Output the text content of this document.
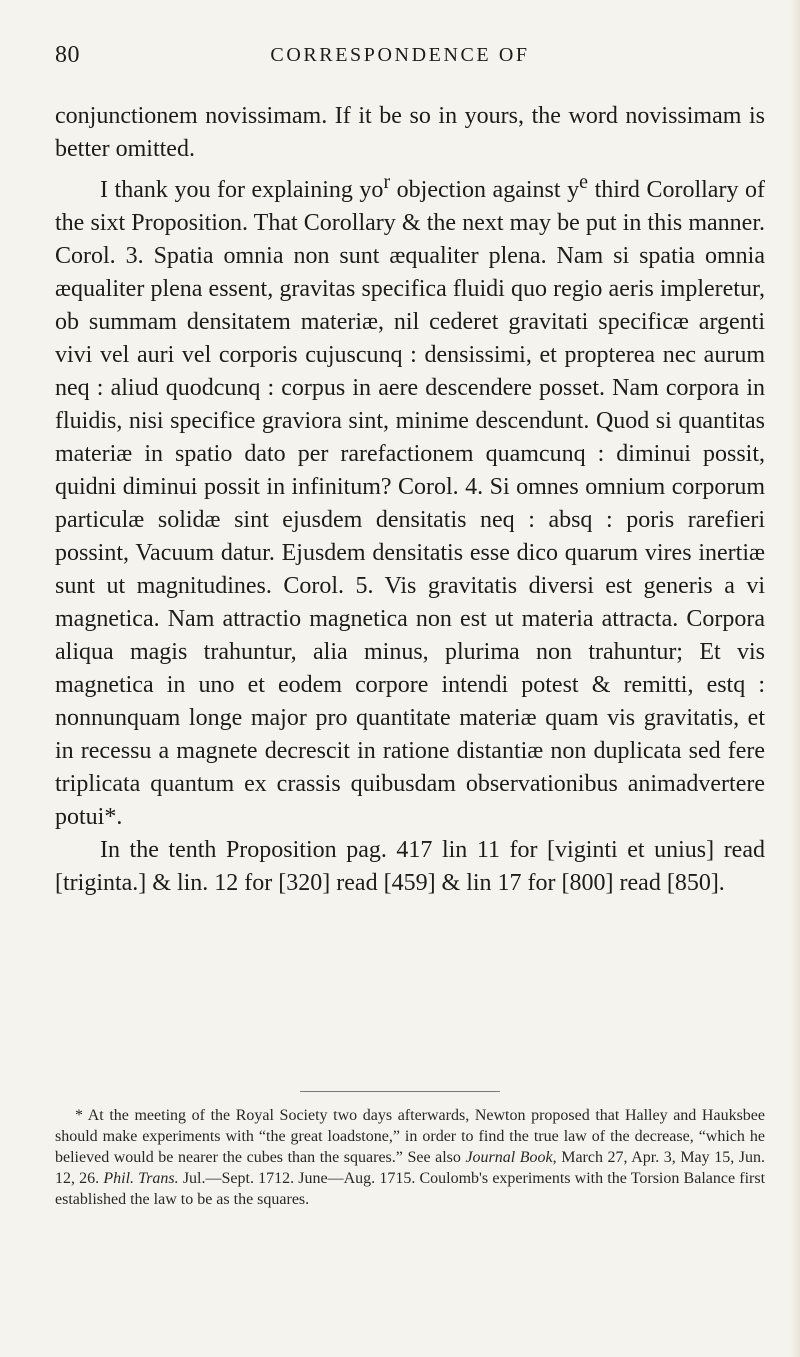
80	CORRESPONDENCE OF

conjunctionem novissimam. If it be so in yours, the word novissimam is better omitted.

I thank you for explaining $yo^r$ objection against $y^e$ third Corollary of the sixt Proposition. That Corollary & the next may be put in this manner. Corol. 3. Spatia omnia non sunt æqualiter plena. Nam si spatia omnia æqualiter plena essent, gravitas specifica fluidi quo regio aeris impleretur, ob summam densitatem materiæ, nil cederet gravitati specificæ argenti vivi vel auri vel corporis cujuscunq : densissimi, et propterea nec aurum neq : aliud quodcunq : corpus in aere descendere posset. Nam corpora in fluidis, nisi specifice graviora sint, minime descendunt. Quod si quantitas materiæ in spatio dato per rarefactionem quamcunq : diminui possit, quidni diminui possit in infinitum? Corol. 4. Si omnes omnium corporum particulæ solidæ sint ejusdem densitatis neq : absq : poris rarefieri possint, Vacuum datur. Ejusdem densitatis esse dico quarum vires inertiæ sunt ut magnitudines. Corol. 5. Vis gravitatis diversi est generis a vi magnetica. Nam attractio magnetica non est ut materia attracta. Corpora aliqua magis trahuntur, alia minus, plurima non trahuntur; Et vis magnetica in uno et eodem corpore intendi potest & remitti, estq : nonnunquam longe major pro quantitate materiæ quam vis gravitatis, et in recessu a magnete decrescit in ratione distantiæ non duplicata sed fere triplicata quantum ex crassis quibusdam observationibus animadvertere potui*.

In the tenth Proposition pag. 417 lin 11 for [viginti et unius] read [triginta.] & lin. 12 for [320] read [459] & lin 17 for [800] read [850].

* At the meeting of the Royal Society two days afterwards, Newton proposed that Halley and Hauksbee should make experiments with “the great loadstone,” in order to find the true law of the decrease, “which he believed would be nearer the cubes than the squares.” See also Journal Book, March 27, Apr. 3, May 15, Jun. 12, 26. Phil. Trans. Jul.—Sept. 1712. June—Aug. 1715. Coulomb's experiments with the Torsion Balance first established the law to be as the squares.
